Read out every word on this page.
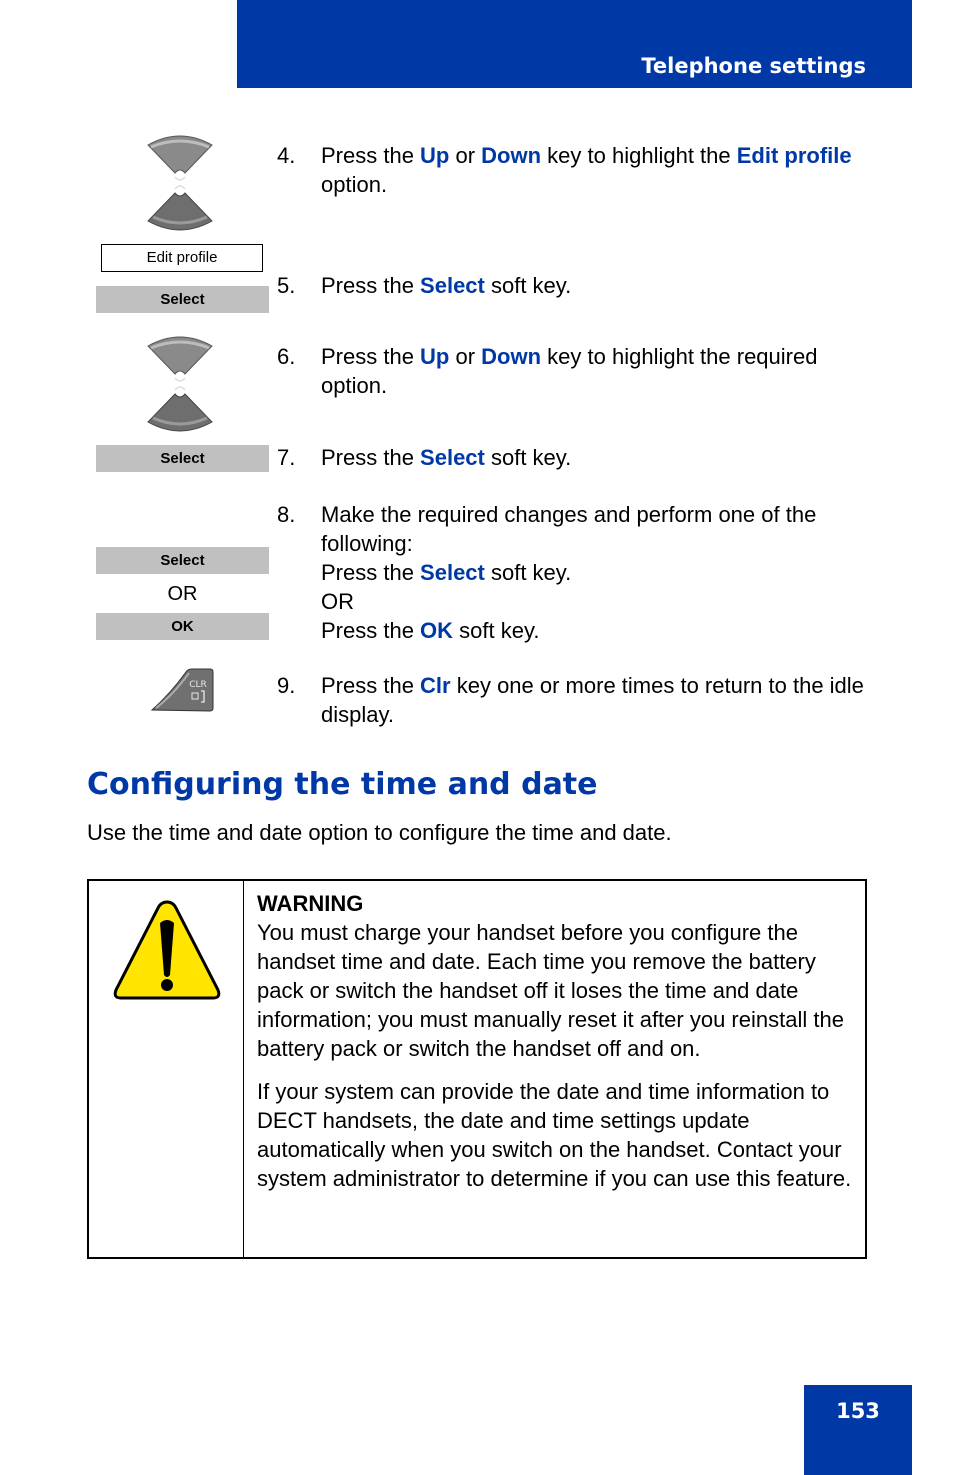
Telephone settings
Edit profile
Select
Select
Select
OR
OK
CLR
4. Press the Up or Down key to highlight the Edit profile option.
5. Press the Select soft key.
6. Press the Up or Down key to highlight the required option.
7. Press the Select soft key.
8. Make the required changes and perform one of the following:
Press the Select soft key.
OR
Press the OK soft key.
9. Press the Clr key one or more times to return to the idle display.
Configuring the time and date
Use the time and date option to configure the time and date.

WARNING
You must charge your handset before you configure the handset time and date. Each time you remove the battery pack or switch the handset off it loses the time and date information; you must manually reset it after you reinstall the battery pack or switch the handset off and on.

If your system can provide the date and time information to DECT handsets, the date and time settings update automatically when you switch on the handset. Contact your system administrator to determine if you can use this feature.

153
